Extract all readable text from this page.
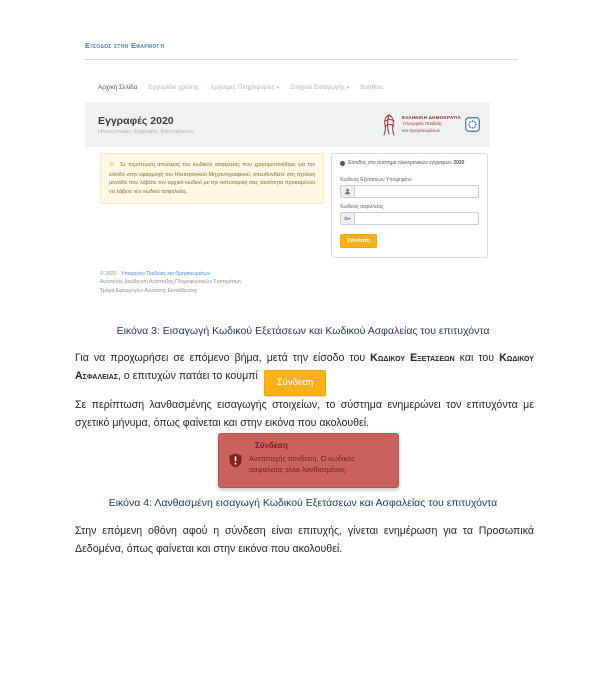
Είσοδος στην Εφαρμογή
Αρχική Σελίδα Εγχειρίδιο χρήσης Χρήσιμες Πληροφορίες ▾	Στοιχεία Εισαγωγής ▾	Βοήθεια
Εγγραφές 2020
Ηλεκτρονικές Εγγραφές Επιτυχόντων
ΕΛΛΗΝΙΚΗ ΔΗΜΟΚΡΑΤΙΑ
Υπουργείο Παιδείας
και Θρησκευμάτων
⚠ Σε περίπτωση απώλειας του κωδικού ασφαλείας που χρησιμοποιήθηκε για την είσοδο στην εφαρμογή του Ηλεκτρονικού Μηχανογραφικού, απευθυνθείτε στη σχολική μονάδα που λάβατε τον αρχικό κωδικό με την αστυνομική σας ταυτότητα προκειμένου να λάβετε νέο κωδικό ασφαλείας.
Είσοδος στο σύστημα ηλεκτρονικών εγγραφών 2020
Κωδικός Εξετάσεων Υποψηφίου
Κωδικός ασφαλείας
Σύνδεση
© 2020 · Υπουργείο Παιδείας και Θρησκευμάτων
Αυτοτελής Διεύθυνση Ανάπτυξης Πληροφοριακών Συστημάτων
Τμήμα Εφαρμογών Ανώτατης Εκπαίδευσης
Εικόνα 3: Εισαγωγή Κωδικού Εξετάσεων και Κωδικού Ασφαλείας του επιτυχόντα
Για να προχωρήσει σε επόμενο βήμα, μετά την είσοδο του Κωδικου Εξετασεων και του Κωδικου Ασφαλειας, ο επιτυχών πατάει το κουμπί Σύνδεση
Σε περίπτωση λανθασμένης εισαγωγής στοιχείων, το σύστημα ενημερώνει τον επιτυχόντα με σχετικό μήνυμα, όπως φαίνεται και στην εικόνα που ακολουθεί.
Σύνδεση
Ανεπιτυχής σύνδεση. Ο κωδικός ασφαλείας είναι λανθασμένος.
Εικόνα 4: Λανθασμένη εισαγωγή Κωδικού Εξετάσεων και Ασφαλείας του επιτυχόντα
Στην επόμενη οθόνη αφού η σύνδεση είναι επιτυχής, γίνεται ενημέρωση για τα Προσωπικά Δεδομένα, όπως φαίνεται και στην εικόνα που ακολουθεί.
